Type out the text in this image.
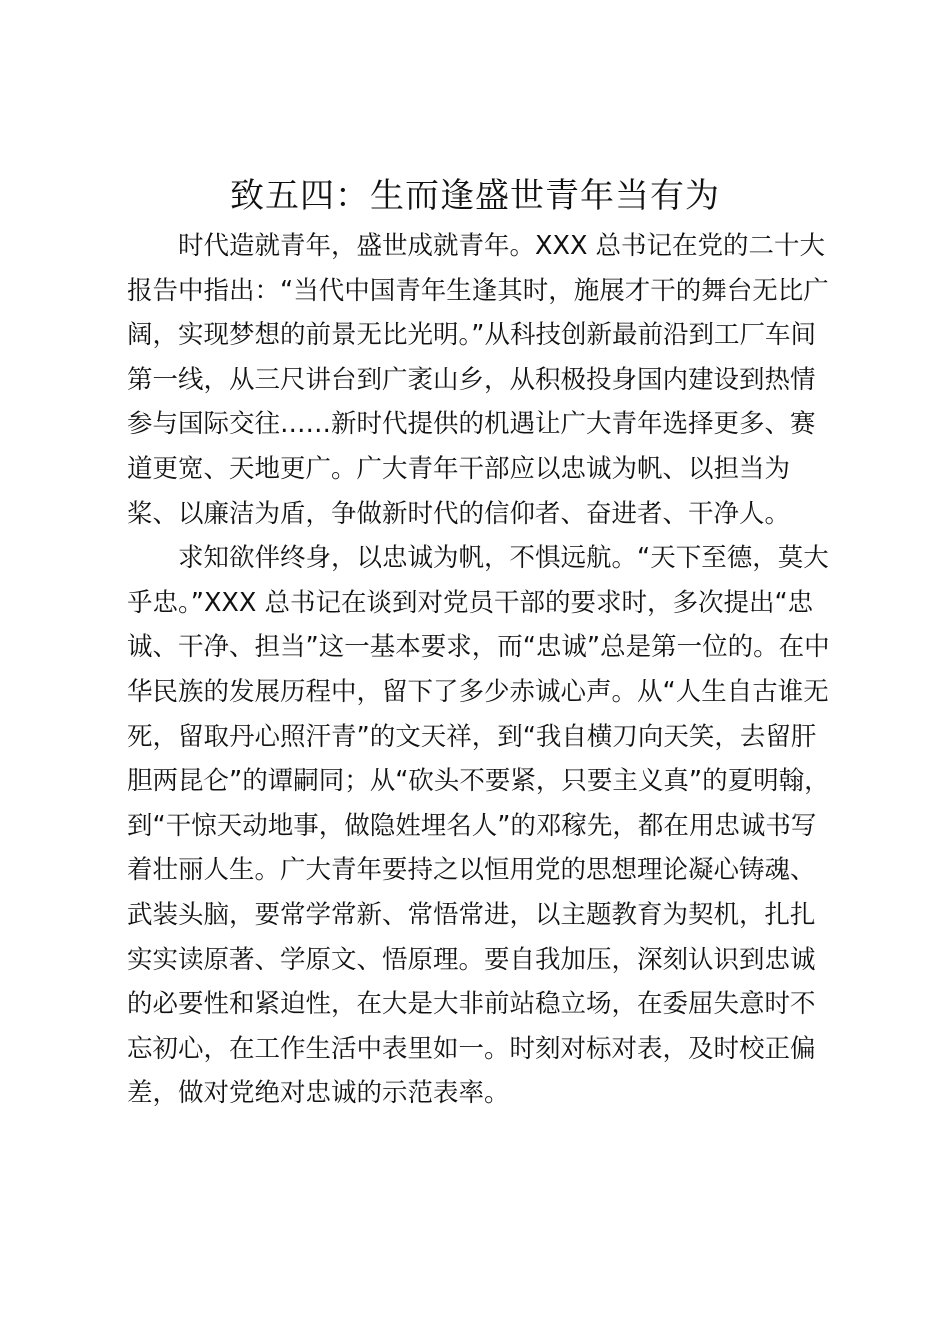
致五四：生而逢盛世青年当有为
　　时代造就青年，盛世成就青年。XXX 总书记在党的二十大
报告中指出：“当代中国青年生逢其时，施展才干的舞台无比广
阔，实现梦想的前景无比光明。”从科技创新最前沿到工厂车间
第一线，从三尺讲台到广袤山乡，从积极投身国内建设到热情
参与国际交往……新时代提供的机遇让广大青年选择更多、赛
道更宽、天地更广。广大青年干部应以忠诚为帆、以担当为
桨、以廉洁为盾，争做新时代的信仰者、奋进者、干净人。
　　求知欲伴终身，以忠诚为帆，不惧远航。“天下至德，莫大
乎忠。”XXX 总书记在谈到对党员干部的要求时，多次提出“忠
诚、干净、担当”这一基本要求，而“忠诚”总是第一位的。在中
华民族的发展历程中，留下了多少赤诚心声。从“人生自古谁无
死，留取丹心照汗青”的文天祥，到“我自横刀向天笑，去留肝
胆两昆仑”的谭嗣同；从“砍头不要紧，只要主义真”的夏明翰，
到“干惊天动地事，做隐姓埋名人”的邓稼先，都在用忠诚书写
着壮丽人生。广大青年要持之以恒用党的思想理论凝心铸魂、
武装头脑，要常学常新、常悟常进，以主题教育为契机，扎扎
实实读原著、学原文、悟原理。要自我加压，深刻认识到忠诚
的必要性和紧迫性，在大是大非前站稳立场，在委屈失意时不
忘初心，在工作生活中表里如一。时刻对标对表，及时校正偏
差，做对党绝对忠诚的示范表率。
